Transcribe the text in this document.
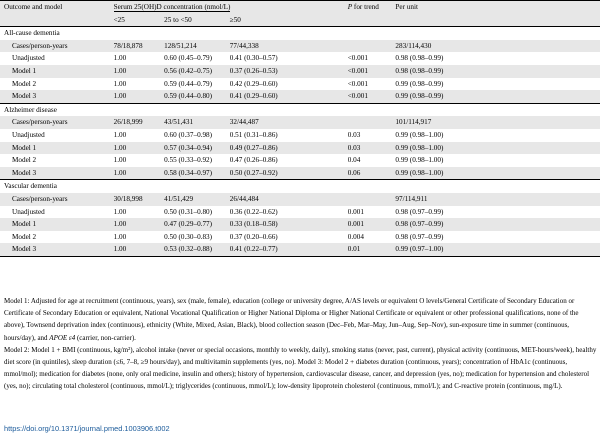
Outcome and model	Serum 25(OH)D concentration (nmol/L)				P for trend	Per unit
	<25	25 to <50	≥50			
All-cause dementia						
Cases/person-years	78/18,878	128/51,214	77/44,338			283/114,430
Unadjusted	1.00	0.60 (0.45–0.79)	0.41 (0.30–0.57)		<0.001	0.98 (0.98–0.99)
Model 1	1.00	0.56 (0.42–0.75)	0.37 (0.26–0.53)		<0.001	0.98 (0.98–0.99)
Model 2	1.00	0.59 (0.44–0.79)	0.42 (0.29–0.60)		<0.001	0.99 (0.98–0.99)
Model 3	1.00	0.59 (0.44–0.80)	0.41 (0.29–0.60)		<0.001	0.99 (0.98–0.99)
Alzheimer disease						
Cases/person-years	26/18,999	43/51,431	32/44,487			101/114,917
Unadjusted	1.00	0.60 (0.37–0.98)	0.51 (0.31–0.86)		0.03	0.99 (0.98–1.00)
Model 1	1.00	0.57 (0.34–0.94)	0.49 (0.27–0.86)		0.03	0.99 (0.98–1.00)
Model 2	1.00	0.55 (0.33–0.92)	0.47 (0.26–0.86)		0.04	0.99 (0.98–1.00)
Model 3	1.00	0.58 (0.34–0.97)	0.50 (0.27–0.92)		0.06	0.99 (0.98–1.00)
Vascular dementia						
Cases/person-years	30/18,998	41/51,429	26/44,484			97/114,911
Unadjusted	1.00	0.50 (0.31–0.80)	0.36 (0.22–0.62)		0.001	0.98 (0.97–0.99)
Model 1	1.00	0.47 (0.29–0.77)	0.33 (0.18–0.58)		0.001	0.98 (0.97–0.99)
Model 2	1.00	0.50 (0.30–0.83)	0.37 (0.20–0.66)		0.004	0.98 (0.97–0.99)
Model 3	1.00	0.53 (0.32–0.88)	0.41 (0.22–0.77)		0.01	0.99 (0.97–1.00)

Model 1: Adjusted for age at recruitment (continuous, years), sex (male, female), education (college or university degree, A/AS levels or equivalent O levels/General Certificate of Secondary Education or Certificate of Secondary Education or equivalent, National Vocational Qualification or Higher National Diploma or Higher National Certificate or equivalent or other professional qualifications, none of the above), Townsend deprivation index (continuous), ethnicity (White, Mixed, Asian, Black), blood collection season (Dec–Feb, Mar–May, Jun–Aug, Sep–Nov), sun-exposure time in summer (continuous, hours/day), and APOE ε4 (carrier, non-carrier).

Model 2: Model 1 + BMI (continuous, kg/m²), alcohol intake (never or special occasions, monthly to weekly, daily), smoking status (never, past, current), physical activity (continuous, MET-hours/week), healthy diet score (in quintiles), sleep duration (≤6, 7–8, ≥9 hours/day), and multivitamin supplements (yes, no). Model 3: Model 2 + diabetes duration (continuous, years); concentration of HbA1c (continuous, mmol/mol); medication for diabetes (none, only oral medicine, insulin and others); history of hypertension, cardiovascular disease, cancer, and depression (yes, no); medication for hypertension and cholesterol (yes, no); circulating total cholesterol (continuous, mmol/L); triglycerides (continuous, mmol/L); low-density lipoprotein cholesterol (continuous, mmol/L); and C-reactive protein (continuous, mg/L).

https://doi.org/10.1371/journal.pmed.1003906.t002
